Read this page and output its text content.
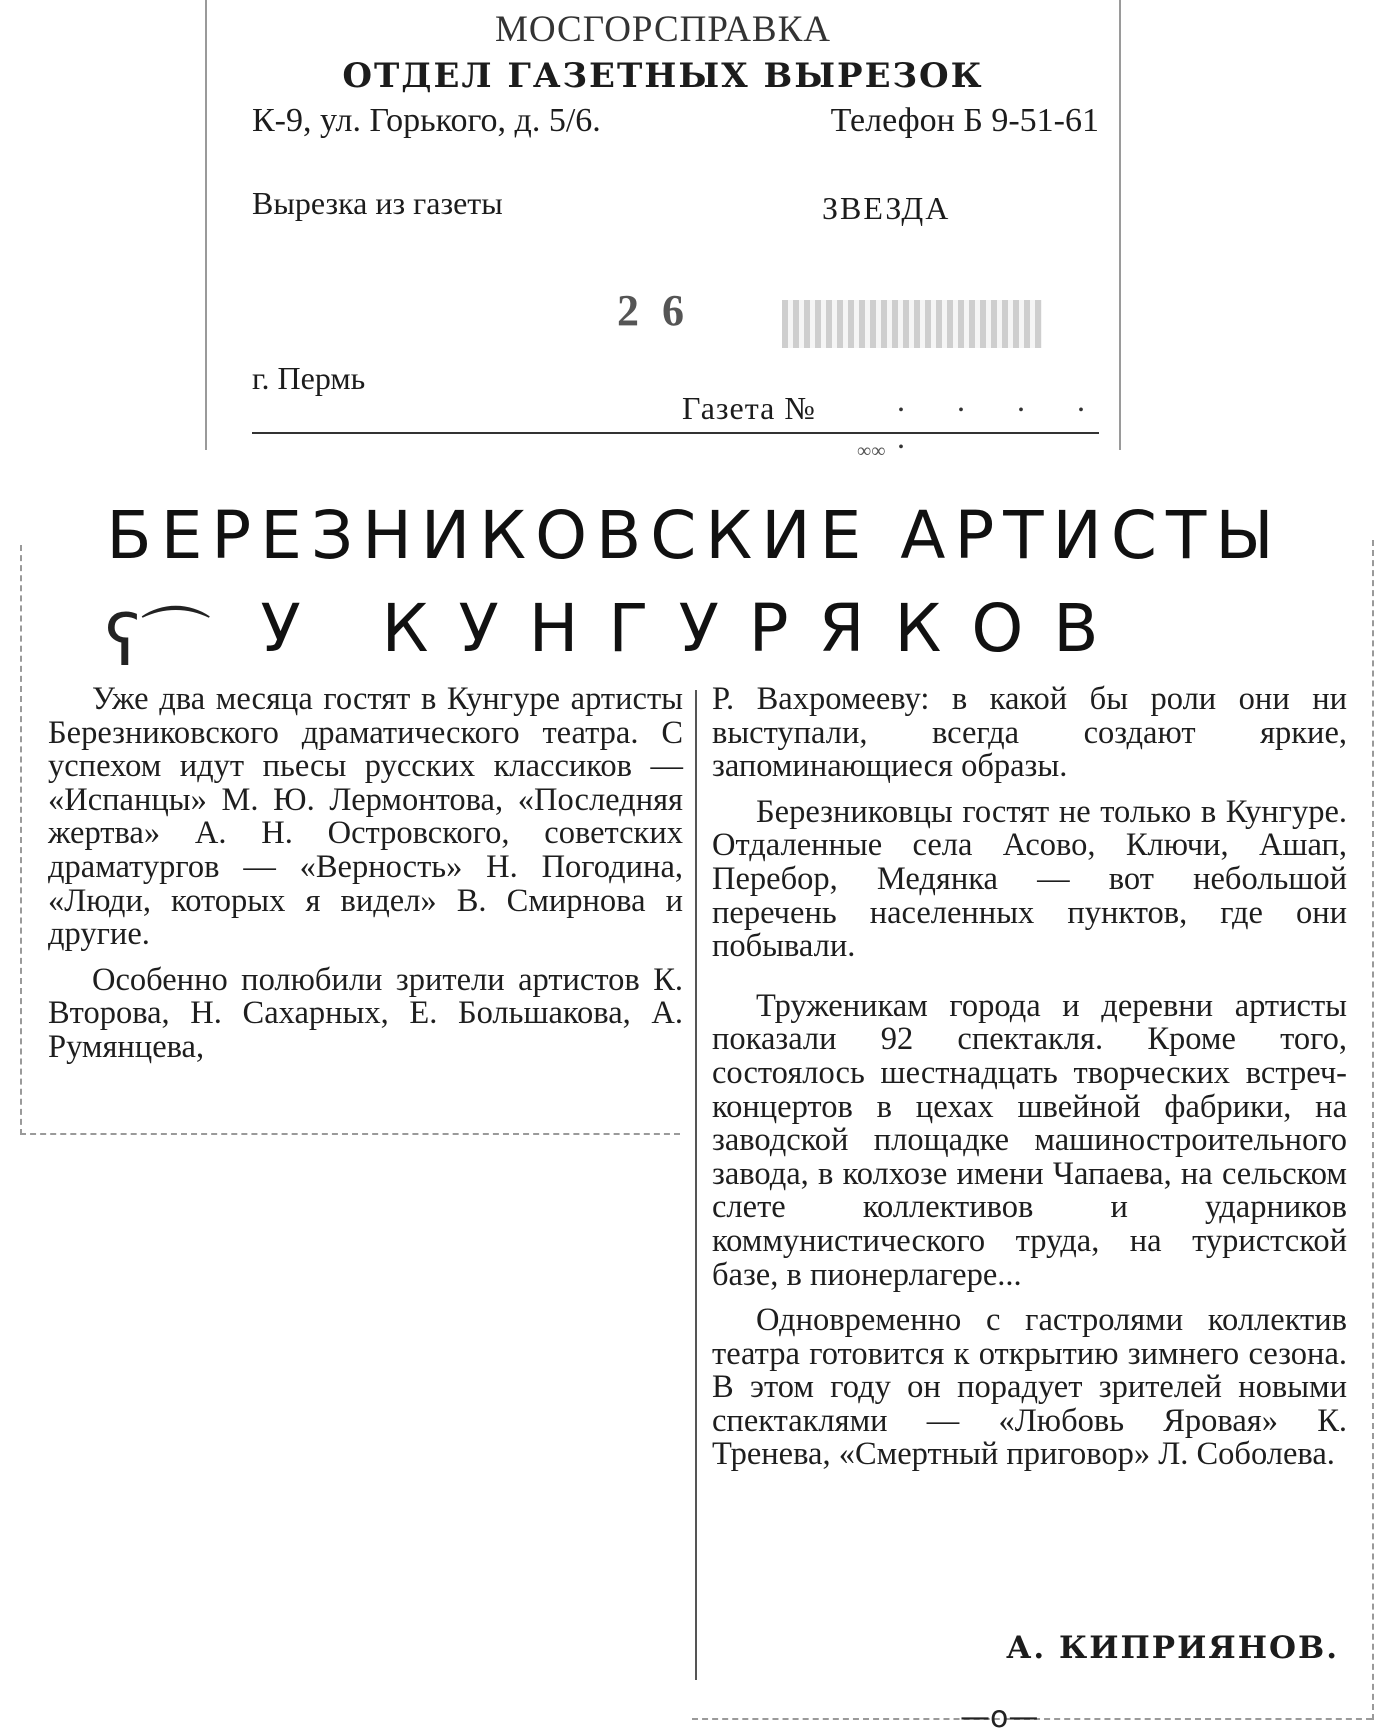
МОСГОРСПРАВКА
ОТДЕЛ ГАЗЕТНЫХ ВЫРЕЗОК
К-9, ул. Горького, д. 5/6.	Телефон Б 9-51-61
Вырезка из газеты	ЗВЕЗДА
2 6
г. Пермь
Газета №	. . . . .
∞∞
БЕРЕЗНИКОВСКИЕ АРТИСТЫ
ʕ⌒ У КУНГУРЯКОВ

Уже два месяца гостят в Кунгуре артисты Березниковского драматического театра. С успехом идут пьесы русских классиков — «Испанцы» М. Ю. Лермонтова, «Последняя жертва» А. Н. Островского, советских драматургов — «Верность» Н. Погодина, «Люди, которых я видел» В. Смирнова и другие.

Особенно полюбили зрители артистов К. Второва, Н. Сахарных, Е. Большакова, А. Румянцева,

Р. Вахромееву: в какой бы роли они ни выступали, всегда создают яркие, запоминающиеся образы.

Березниковцы гостят не только в Кунгуре. Отдаленные села Асово, Ключи, Ашап, Перебор, Медянка — вот небольшой перечень населенных пунктов, где они побывали.

Труженикам города и деревни артисты показали 92 спектакля. Кроме того, состоялось шестнадцать творческих встреч-концертов в цехах швейной фабрики, на заводской площадке машиностроительного завода, в колхозе имени Чапаева, на сельском слете коллективов и ударников коммунистического труда, на туристской базе, в пионерлагере...

Одновременно с гастролями коллектив театра готовится к открытию зимнего сезона. В этом году он порадует зрителей новыми спектаклями — «Любовь Яровая» К. Тренева, «Смертный приговор» Л. Соболева.

А. КИПРИЯНОВ.
—o—
